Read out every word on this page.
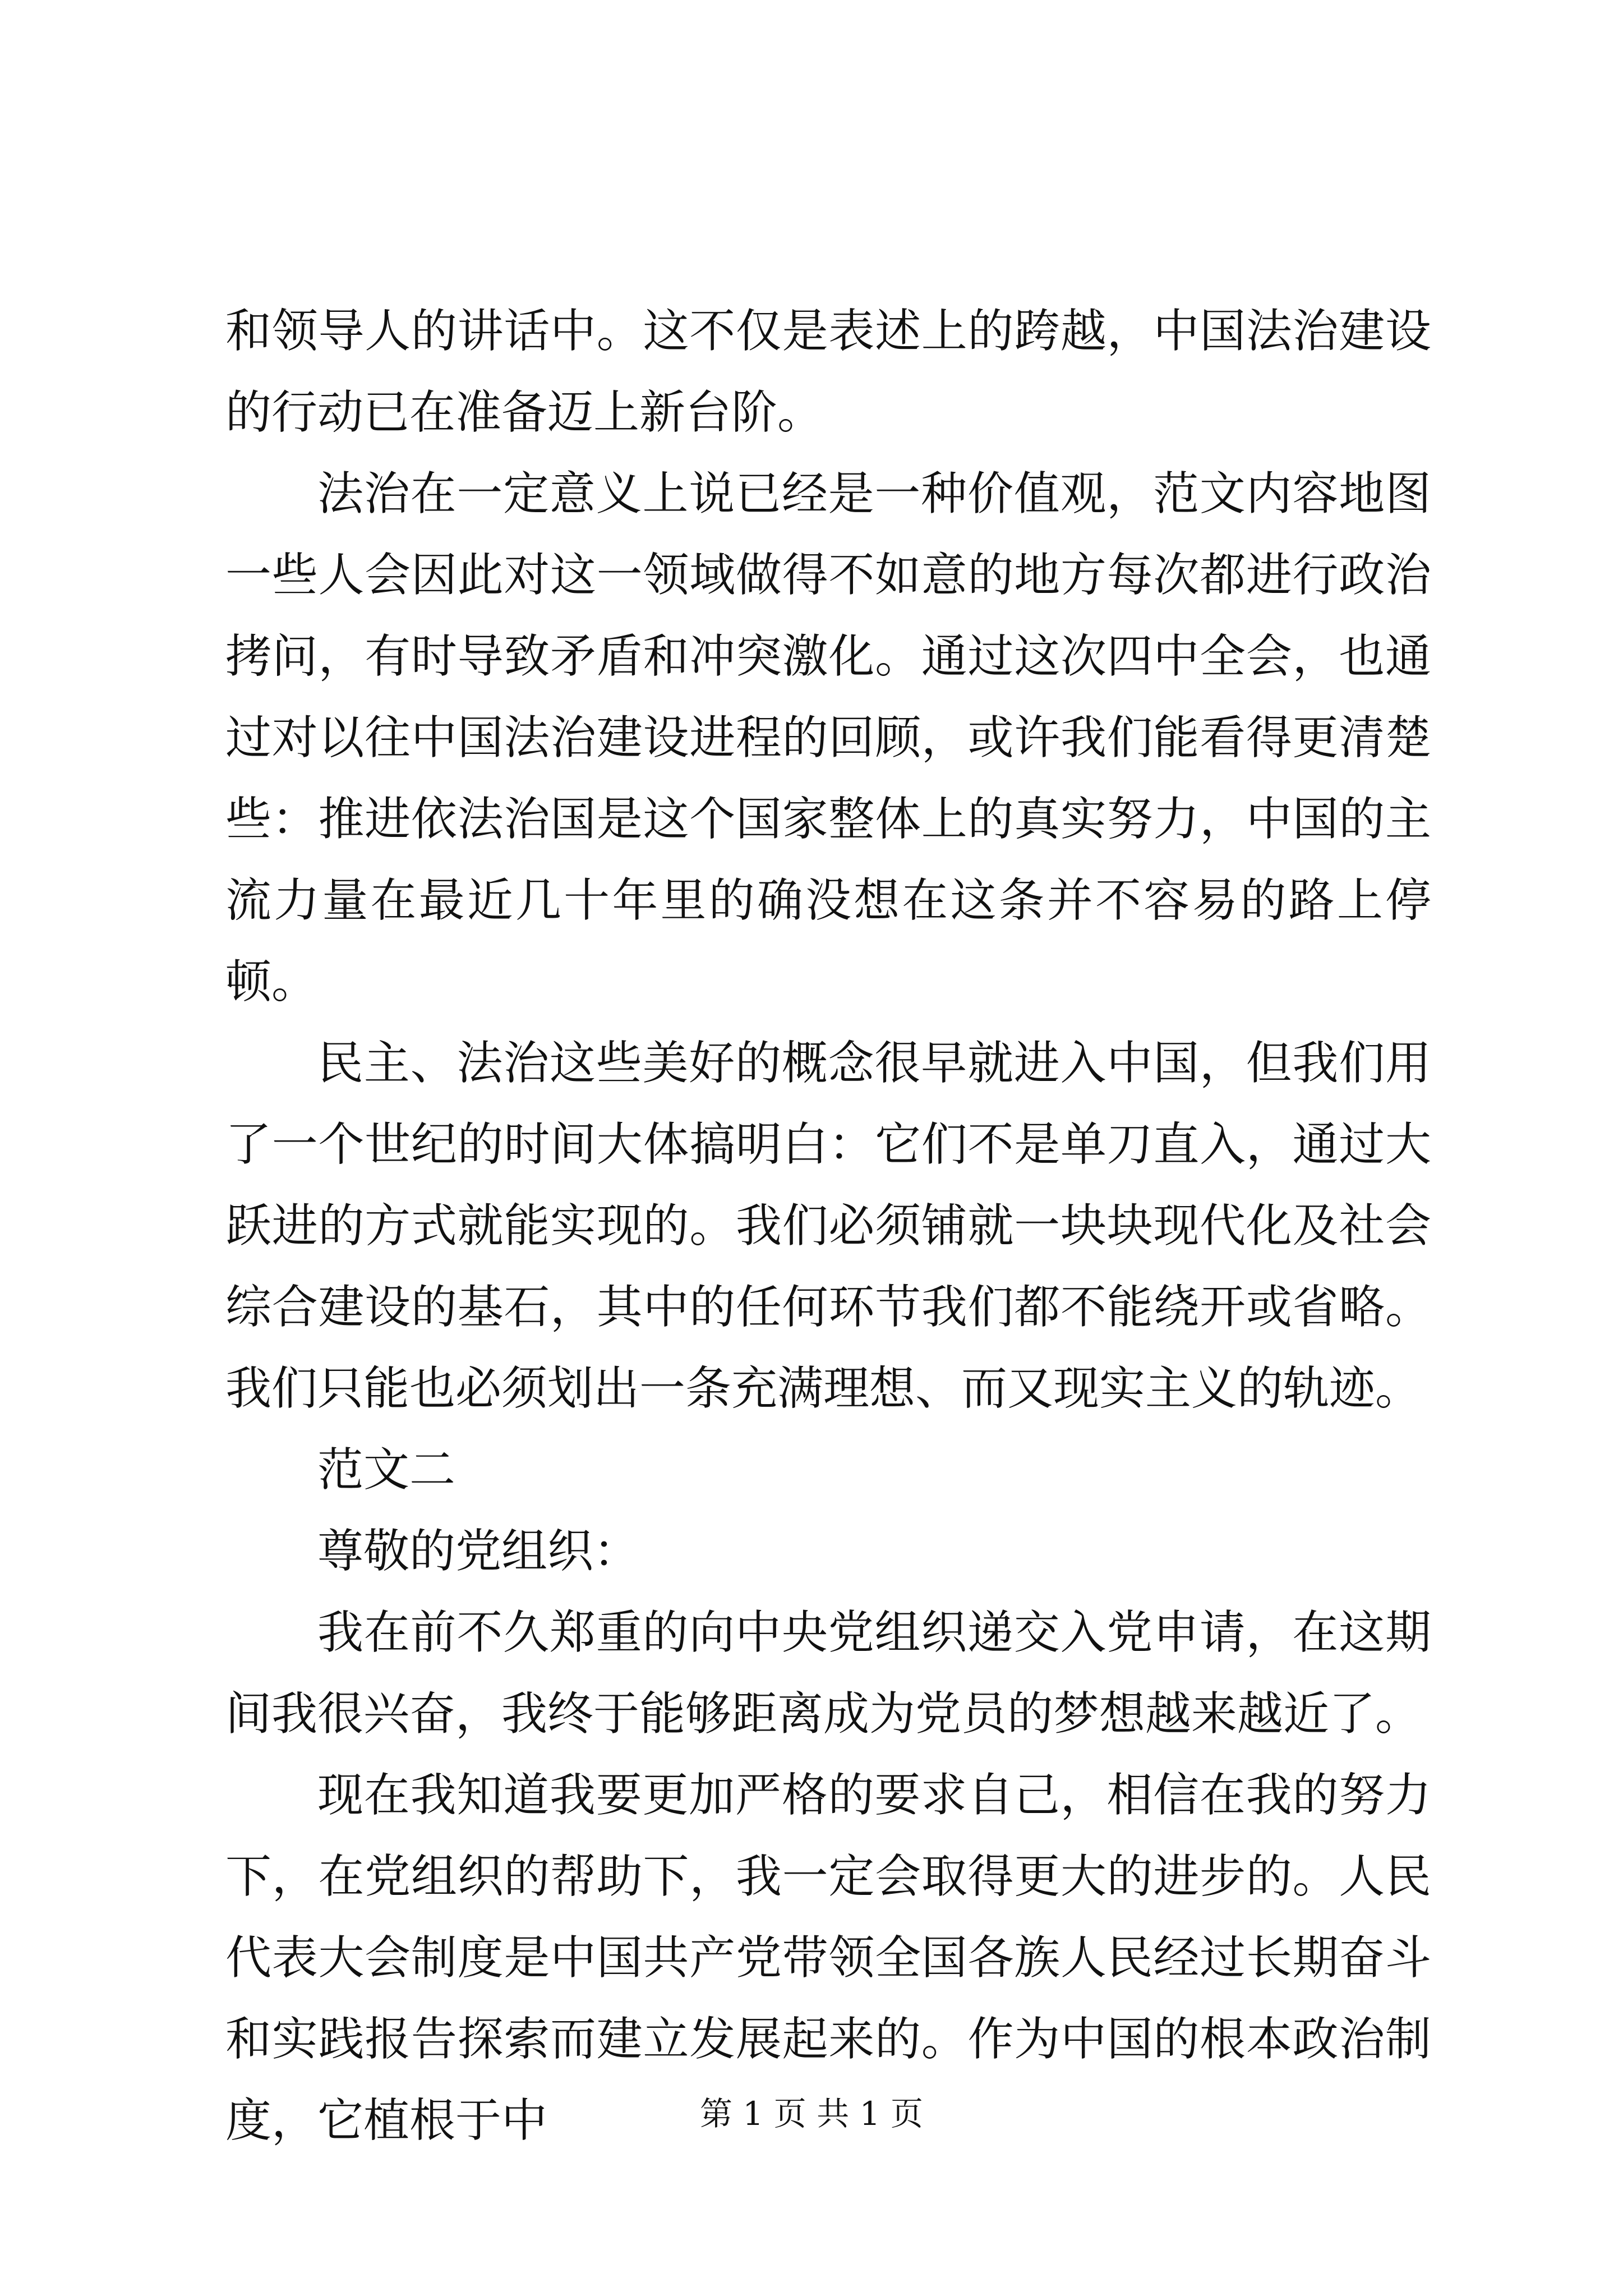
和领导人的讲话中。这不仅是表述上的跨越，中国法治建设的行动已在准备迈上新台阶。

法治在一定意义上说已经是一种价值观，范文内容地图一些人会因此对这一领域做得不如意的地方每次都进行政治拷问，有时导致矛盾和冲突激化。通过这次四中全会，也通过对以往中国法治建设进程的回顾，或许我们能看得更清楚些：推进依法治国是这个国家整体上的真实努力，中国的主流力量在最近几十年里的确没想在这条并不容易的路上停顿。

民主、法治这些美好的概念很早就进入中国，但我们用了一个世纪的时间大体搞明白：它们不是单刀直入，通过大跃进的方式就能实现的。我们必须铺就一块块现代化及社会综合建设的基石，其中的任何环节我们都不能绕开或省略。我们只能也必须划出一条充满理想、而又现实主义的轨迹。

范文二

尊敬的党组织：

我在前不久郑重的向中央党组织递交入党申请，在这期间我很兴奋，我终于能够距离成为党员的梦想越来越近了。

现在我知道我要更加严格的要求自己，相信在我的努力下，在党组织的帮助下，我一定会取得更大的进步的。人民代表大会制度是中国共产党带领全国各族人民经过长期奋斗和实践报告探索而建立发展起来的。作为中国的根本政治制度，它植根于中	第 1 页 共 1 页
